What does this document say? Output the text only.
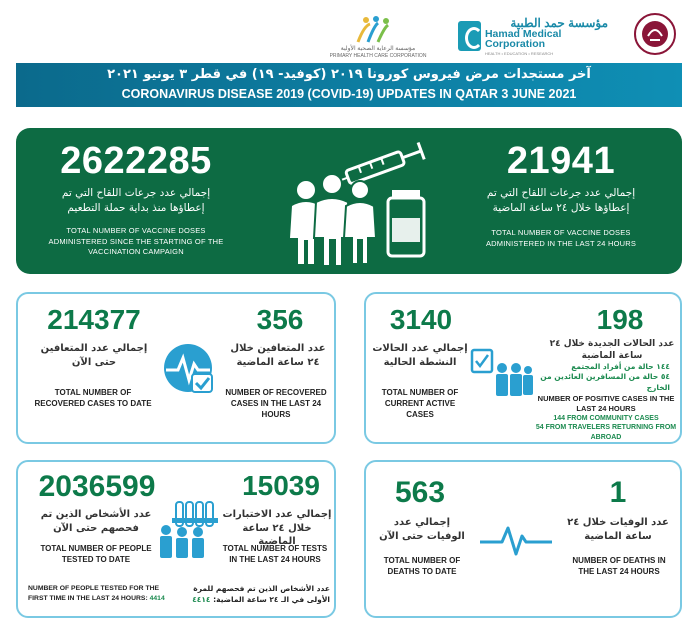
مؤسسة الرعاية الصحية الأولية
PRIMARY HEALTH CARE CORPORATION
مؤسسة حمد الطبية
Hamad Medical Corporation
HEALTH • EDUCATION • RESEARCH
آخر مستجدات مرض فيروس كورونا ٢٠١٩ (كوفيد- ١٩) في قطر ٣ يونيو ٢٠٢١
CORONAVIRUS DISEASE 2019 (COVID-19) UPDATES IN QATAR 3 JUNE 2021
2622285
إجمالي عدد جرعات اللقاح التي تم إعطاؤها منذ بداية حملة التطعيم
TOTAL NUMBER OF VACCINE DOSES ADMINISTERED SINCE THE STARTING OF THE VACCINATION CAMPAIGN
21941
إجمالي عدد جرعات اللقاح التي تم إعطاؤها خلال ٢٤ ساعة الماضية
TOTAL NUMBER OF VACCINE DOSES ADMINISTERED IN THE LAST 24 HOURS
214377
إجمالي عدد المتعافين حتى الآن
TOTAL NUMBER OF RECOVERED CASES TO DATE
356
عدد المتعافين خلال ٢٤ ساعة الماضية
NUMBER OF RECOVERED CASES IN THE LAST 24 HOURS
3140
إجمالي عدد الحالات النشطة الحالية
TOTAL NUMBER OF CURRENT ACTIVE CASES
198
عدد الحالات الجديدة خلال ٢٤ ساعة الماضية
١٤٤ حالة من أفراد المجتمع
٥٤ حالة من المسافرين العائدين من الخارج
NUMBER OF POSITIVE CASES IN THE LAST 24 HOURS
144 FROM COMMUNITY CASES
54 FROM TRAVELERS RETURNING FROM ABROAD
2036599
عدد الأشخاص الذين تم فحصهم حتى الآن
TOTAL NUMBER OF PEOPLE TESTED TO DATE
15039
إجمالي عدد الاختبارات خلال ٢٤ ساعة الماضية
TOTAL NUMBER OF TESTS IN THE LAST 24 HOURS
NUMBER OF PEOPLE TESTED FOR THE FIRST TIME IN THE LAST 24 HOURS: 4414
عدد الأشخاص الذين تم فحصهم للمرة الأولى في الـ ٢٤ ساعة الماضية: ٤٤١٤
563
إجمالي عدد الوفيات حتى الآن
TOTAL NUMBER OF DEATHS TO DATE
1
عدد الوفيات خلال ٢٤ ساعة الماضية
NUMBER OF DEATHS IN THE LAST 24 HOURS
